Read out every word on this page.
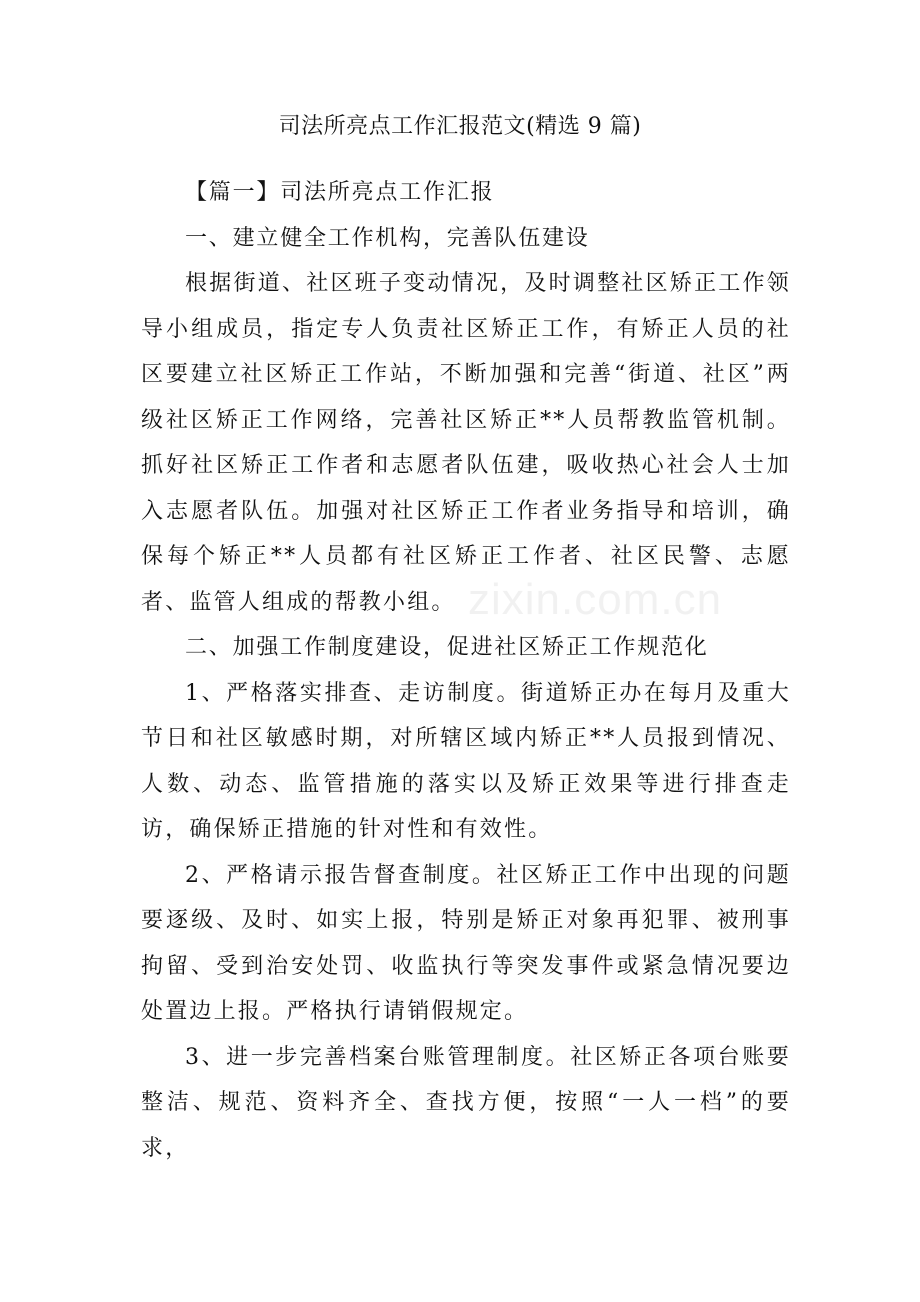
zixin.com.cn
司法所亮点工作汇报范文(精选 9 篇)

【篇一】司法所亮点工作汇报

一、建立健全工作机构，完善队伍建设

根据街道、社区班子变动情况，及时调整社区矫正工作领导小组成员，指定专人负责社区矫正工作，有矫正人员的社区要建立社区矫正工作站，不断加强和完善“街道、社区”两级社区矫正工作网络，完善社区矫正**人员帮教监管机制。抓好社区矫正工作者和志愿者队伍建，吸收热心社会人士加入志愿者队伍。加强对社区矫正工作者业务指导和培训，确保每个矫正**人员都有社区矫正工作者、社区民警、志愿者、监管人组成的帮教小组。

二、加强工作制度建设，促进社区矫正工作规范化

1、严格落实排查、走访制度。街道矫正办在每月及重大节日和社区敏感时期，对所辖区域内矫正**人员报到情况、人数、动态、监管措施的落实以及矫正效果等进行排查走访，确保矫正措施的针对性和有效性。

2、严格请示报告督查制度。社区矫正工作中出现的问题要逐级、及时、如实上报，特别是矫正对象再犯罪、被刑事拘留、受到治安处罚、收监执行等突发事件或紧急情况要边处置边上报。严格执行请销假规定。

3、进一步完善档案台账管理制度。社区矫正各项台账要整洁、规范、资料齐全、查找方便，按照“一人一档”的要求，
